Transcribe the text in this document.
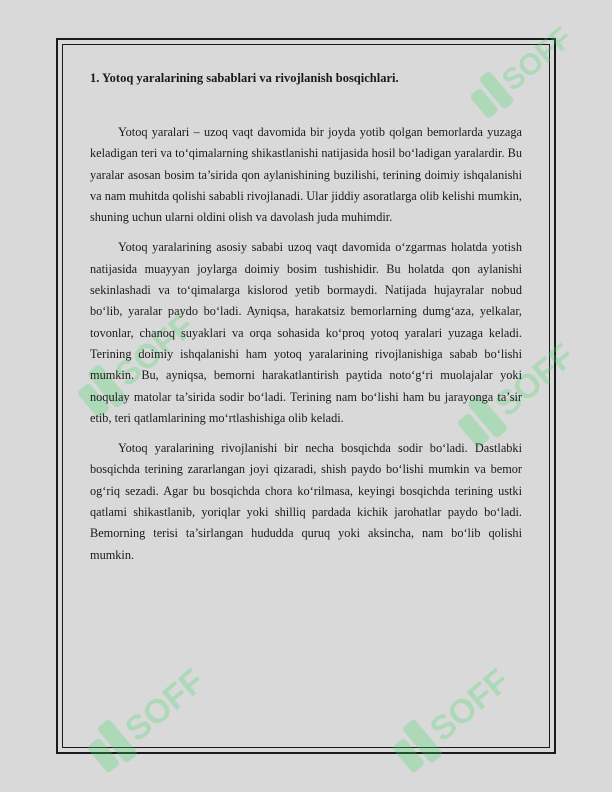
SOFF
SOFF	SOFF
SOFF	SOFF
1. Yotoq yaralarining sabablari va rivojlanish bosqichlari.

Yotoq yaralari – uzoq vaqt davomida bir joyda yotib qolgan bemorlarda yuzaga keladigan teri va to‘qimalarning shikastlanishi natijasida hosil bo‘ladigan yaralardir. Bu yaralar asosan bosim ta’sirida qon aylanishining buzilishi, terining doimiy ishqalanishi va nam muhitda qolishi sababli rivojlanadi. Ular jiddiy asoratlarga olib kelishi mumkin, shuning uchun ularni oldini olish va davolash juda muhimdir.

Yotoq yaralarining asosiy sababi uzoq vaqt davomida o‘zgarmas holatda yotish natijasida muayyan joylarga doimiy bosim tushishidir. Bu holatda qon aylanishi sekinlashadi va to‘qimalarga kislorod yetib bormaydi. Natijada hujayralar nobud bo‘lib, yaralar paydo bo‘ladi. Ayniqsa, harakatsiz bemorlarning dumg‘aza, yelkalar, tovonlar, chanoq suyaklari va orqa sohasida ko‘proq yotoq yaralari yuzaga keladi. Terining doimiy ishqalanishi ham yotoq yaralarining rivojlanishiga sabab bo‘lishi mumkin. Bu, ayniqsa, bemorni harakatlantirish paytida noto‘g‘ri muolajalar yoki noqulay matolar ta’sirida sodir bo‘ladi. Terining nam bo‘lishi ham bu jarayonga ta’sir etib, teri qatlamlarining mo‘rtlashishiga olib keladi.

Yotoq yaralarining rivojlanishi bir necha bosqichda sodir bo‘ladi. Dastlabki bosqichda terining zararlangan joyi qizaradi, shish paydo bo‘lishi mumkin va bemor og‘riq sezadi. Agar bu bosqichda chora ko‘rilmasa, keyingi bosqichda terining ustki qatlami shikastlanib, yoriqlar yoki shilliq pardada kichik jarohatlar paydo bo‘ladi. Bemorning terisi ta’sirlangan hududda quruq yoki aksincha, nam bo‘lib qolishi mumkin.
